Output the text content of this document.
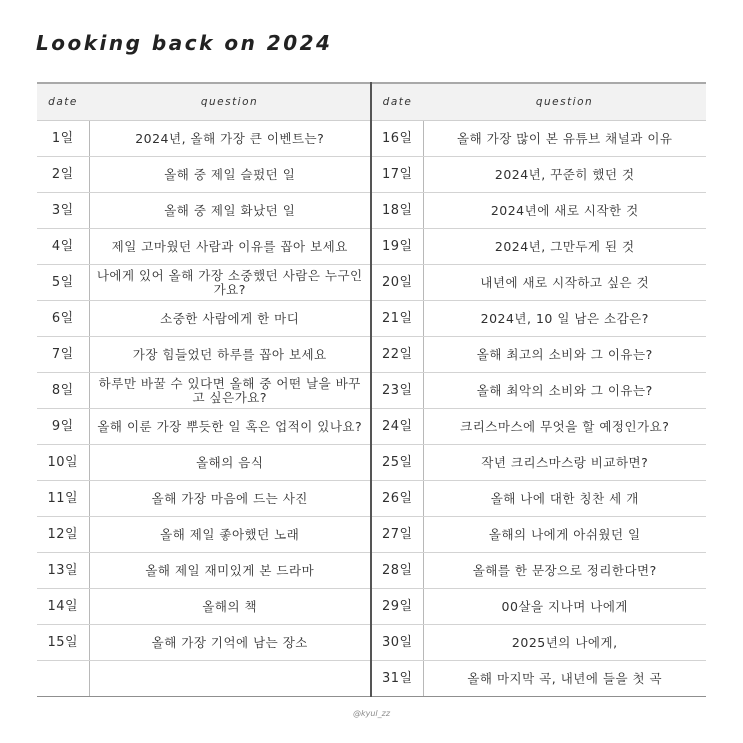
Looking back on 2024
date	question	date	question
1일	2024년, 올해 가장 큰 이벤트는?	16일	올해 가장 많이 본 유튜브 채널과 이유
2일	올해 중 제일 슬펐던 일	17일	2024년, 꾸준히 했던 것
3일	올해 중 제일 화났던 일	18일	2024년에 새로 시작한 것
4일	제일 고마웠던 사람과 이유를 꼽아 보세요	19일	2024년, 그만두게 된 것
5일	나에게 있어 올해 가장 소중했던 사람은 누구인가요?	20일	내년에 새로 시작하고 싶은 것
6일	소중한 사람에게 한 마디	21일	2024년, 10 일 남은 소감은?
7일	가장 힘들었던 하루를 꼽아 보세요	22일	올해 최고의 소비와 그 이유는?
8일	하루만 바꿀 수 있다면 올해 중 어떤 날을 바꾸고 싶은가요?	23일	올해 최악의 소비와 그 이유는?
9일	올해 이룬 가장 뿌듯한 일 혹은 업적이 있나요?	24일	크리스마스에 무엇을 할 예정인가요?
10일	올해의 음식	25일	작년 크리스마스랑 비교하면?
11일	올해 가장 마음에 드는 사진	26일	올해 나에 대한 칭찬 세 개
12일	올해 제일 좋아했던 노래	27일	올해의 나에게 아쉬웠던 일
13일	올해 제일 재미있게 본 드라마	28일	올해를 한 문장으로 정리한다면?
14일	올해의 책	29일	00살을 지나며 나에게
15일	올해 가장 기억에 남는 장소	30일	2025년의 나에게,
		31일	올해 마지막 곡, 내년에 들을 첫 곡

@kyul_zz
